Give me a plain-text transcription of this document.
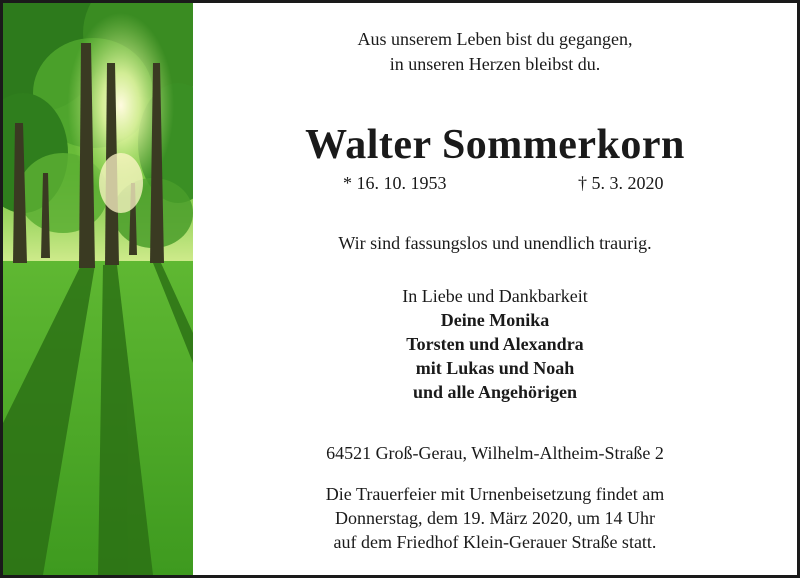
Aus unserem Leben bist du gegangen,
in unseren Herzen bleibst du.
Walter Sommerkorn
* 16. 10. 1953	† 5. 3. 2020
Wir sind fassungslos und unendlich traurig.
In Liebe und Dankbarkeit
Deine Monika
Torsten und Alexandra
mit Lukas und Noah
und alle Angehörigen
64521 Groß-Gerau, Wilhelm-Altheim-Straße 2
Die Trauerfeier mit Urnenbeisetzung findet am
Donnerstag, dem 19. März 2020, um 14 Uhr
auf dem Friedhof Klein-Gerauer Straße statt.
